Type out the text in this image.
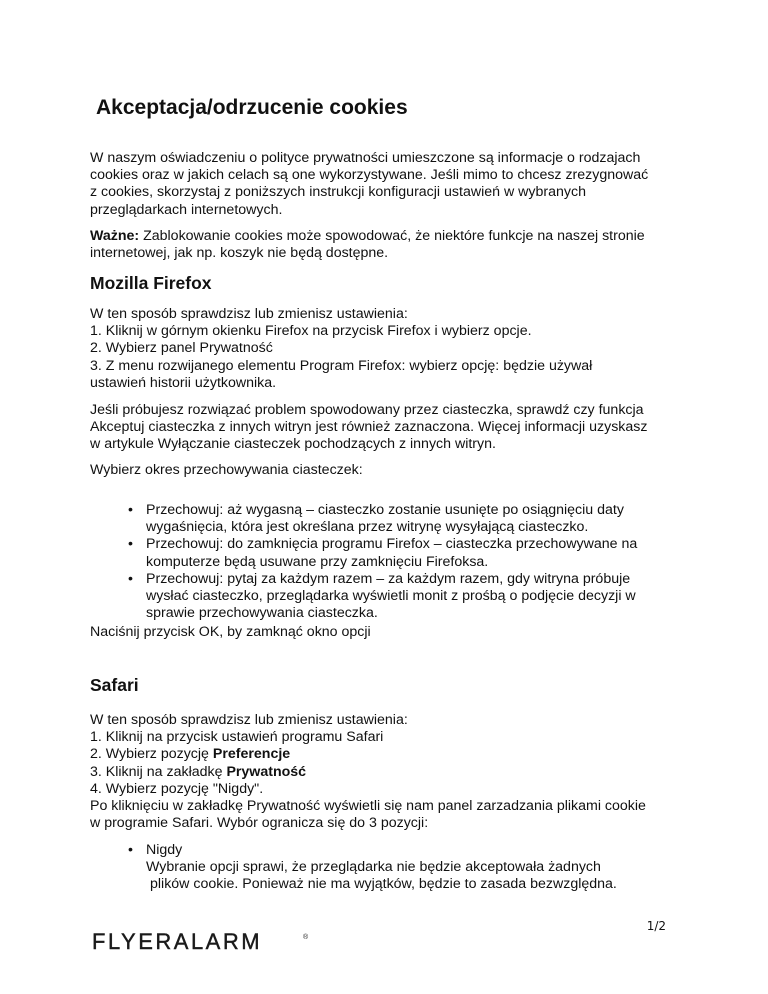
Akceptacja/odrzucenie cookies
W naszym oświadczeniu o polityce prywatności umieszczone są informacje o rodzajach
cookies oraz w jakich celach są one wykorzystywane. Jeśli mimo to chcesz zrezygnować
z cookies, skorzystaj z poniższych instrukcji konfiguracji ustawień w wybranych
przeglądarkach internetowych.
Ważne: Zablokowanie cookies może spowodować, że niektóre funkcje na naszej stronie
internetowej, jak np. koszyk nie będą dostępne.
Mozilla Firefox
W ten sposób sprawdzisz lub zmienisz ustawienia:
1. Kliknij w górnym okienku Firefox na przycisk Firefox i wybierz opcje.
2. Wybierz panel Prywatność
3. Z menu rozwijanego elementu Program Firefox: wybierz opcję: będzie używał
ustawień historii użytkownika.
Jeśli próbujesz rozwiązać problem spowodowany przez ciasteczka, sprawdź czy funkcja
Akceptuj ciasteczka z innych witryn jest również zaznaczona. Więcej informacji uzyskasz
w artykule Wyłączanie ciasteczek pochodzących z innych witryn.

Wybierz okres przechowywania ciasteczek:

• Przechowuj: aż wygasną – ciasteczko zostanie usunięte po osiągnięciu daty
wygaśnięcia, która jest określana przez witrynę wysyłającą ciasteczko.
• Przechowuj: do zamknięcia programu Firefox – ciasteczka przechowywane na
komputerze będą usuwane przy zamknięciu Firefoksa.
• Przechowuj: pytaj za każdym razem – za każdym razem, gdy witryna próbuje
wysłać ciasteczko, przeglądarka wyświetli monit z prośbą o podjęcie decyzji w
sprawie przechowywania ciasteczka.

Naciśnij przycisk OK, by zamknąć okno opcji

Safari
W ten sposób sprawdzisz lub zmienisz ustawienia:
1. Kliknij na przycisk ustawień programu Safari
2. Wybierz pozycję Preferencje
3. Kliknij na zakładkę Prywatność
4. Wybierz pozycję "Nigdy".
Po kliknięciu w zakładkę Prywatność wyświetli się nam panel zarzadzania plikami cookie
w programie Safari. Wybór ogranicza się do 3 pozycji:
• Nigdy
Wybranie opcji sprawi, że przeglądarka nie będzie akceptowała żadnych
plików cookie. Ponieważ nie ma wyjątków, będzie to zasada bezwzględna.
FLYERALARM	®
1/2
